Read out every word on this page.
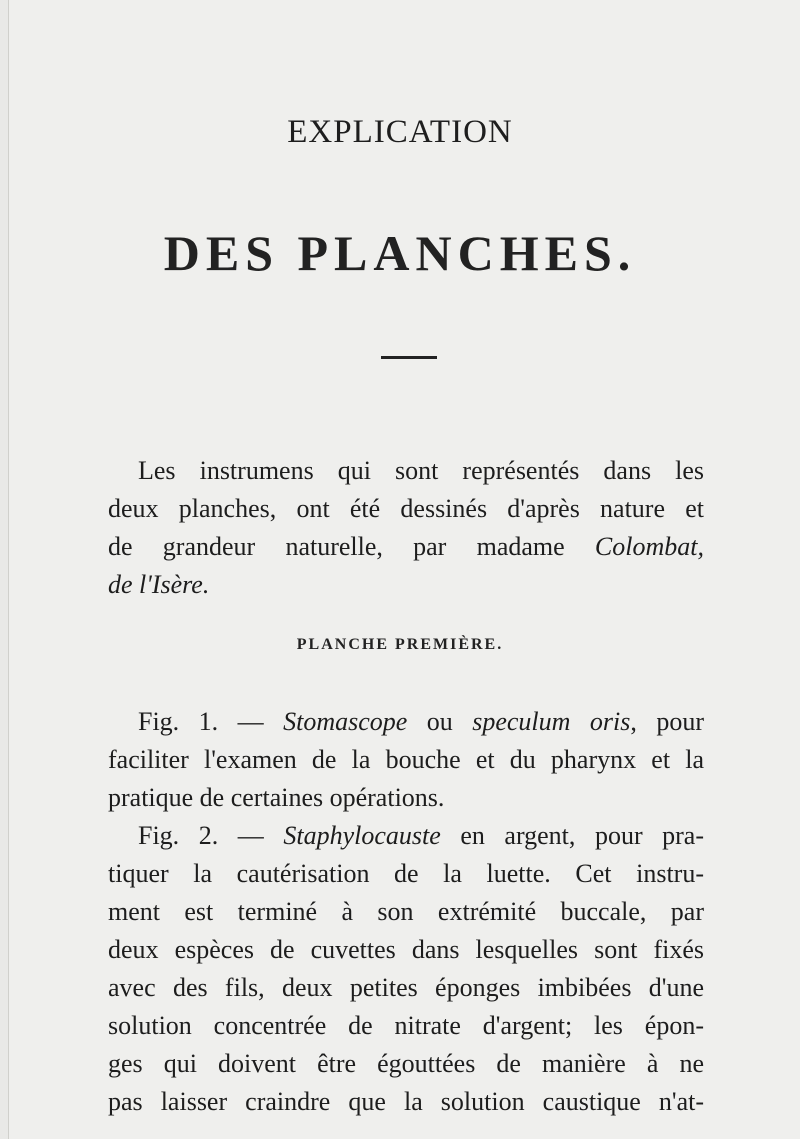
EXPLICATION
DES PLANCHES.
Les instrumens qui sont représentés dans les
deux planches, ont été dessinés d'après nature et
de grandeur naturelle, par madame Colombat,
de l'Isère.
PLANCHE PREMIÈRE.
Fig. 1. — Stomascope ou speculum oris, pour
faciliter l'examen de la bouche et du pharynx et la
pratique de certaines opérations.
Fig. 2. — Staphylocauste en argent, pour pra-
tiquer la cautérisation de la luette. Cet instru-
ment est terminé à son extrémité buccale, par
deux espèces de cuvettes dans lesquelles sont fixés
avec des fils, deux petites éponges imbibées d'une
solution concentrée de nitrate d'argent; les épon-
ges qui doivent être égouttées de manière à ne
pas laisser craindre que la solution caustique n'at-
